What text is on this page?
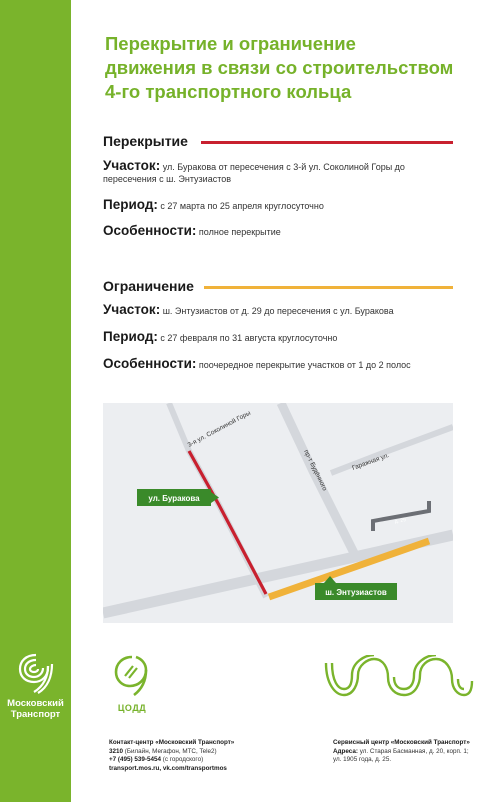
Московский
Транспорт
Перекрытие и ограничение
движения в связи со строительством
4-го транспортного кольца
Перекрытие
Участок: ул. Буракова от пересечения с 3-й ул. Соколиной Горы до
пересечения с ш. Энтузиастов
Период: с 27 марта по 25 апреля круглосуточно
Особенности: полное перекрытие
Ограничение
Участок: ш. Энтузиастов от д. 29 до пересечения с ул. Буракова
Период: с 27 февраля по 31 августа круглосуточно
Особенности: поочередное перекрытие участков от 1 до 2 полос
д. 29
3-я ул. Соколиной Горы
пр-т Будённого	Гаражная ул.
ул. Буракова
ш. Энтузиастов
ЦОДД
Контакт-центр «Московский Транспорт»
3210 (Билайн, Мегафон, МТС, Tele2)
+7 (495) 539-5454 (с городского)
transport.mos.ru, vk.com/transportmos
Сервисный центр «Московский Транспорт»
Адреса: ул. Старая Басманная, д. 20, корп. 1;
ул. 1905 года, д. 25.
